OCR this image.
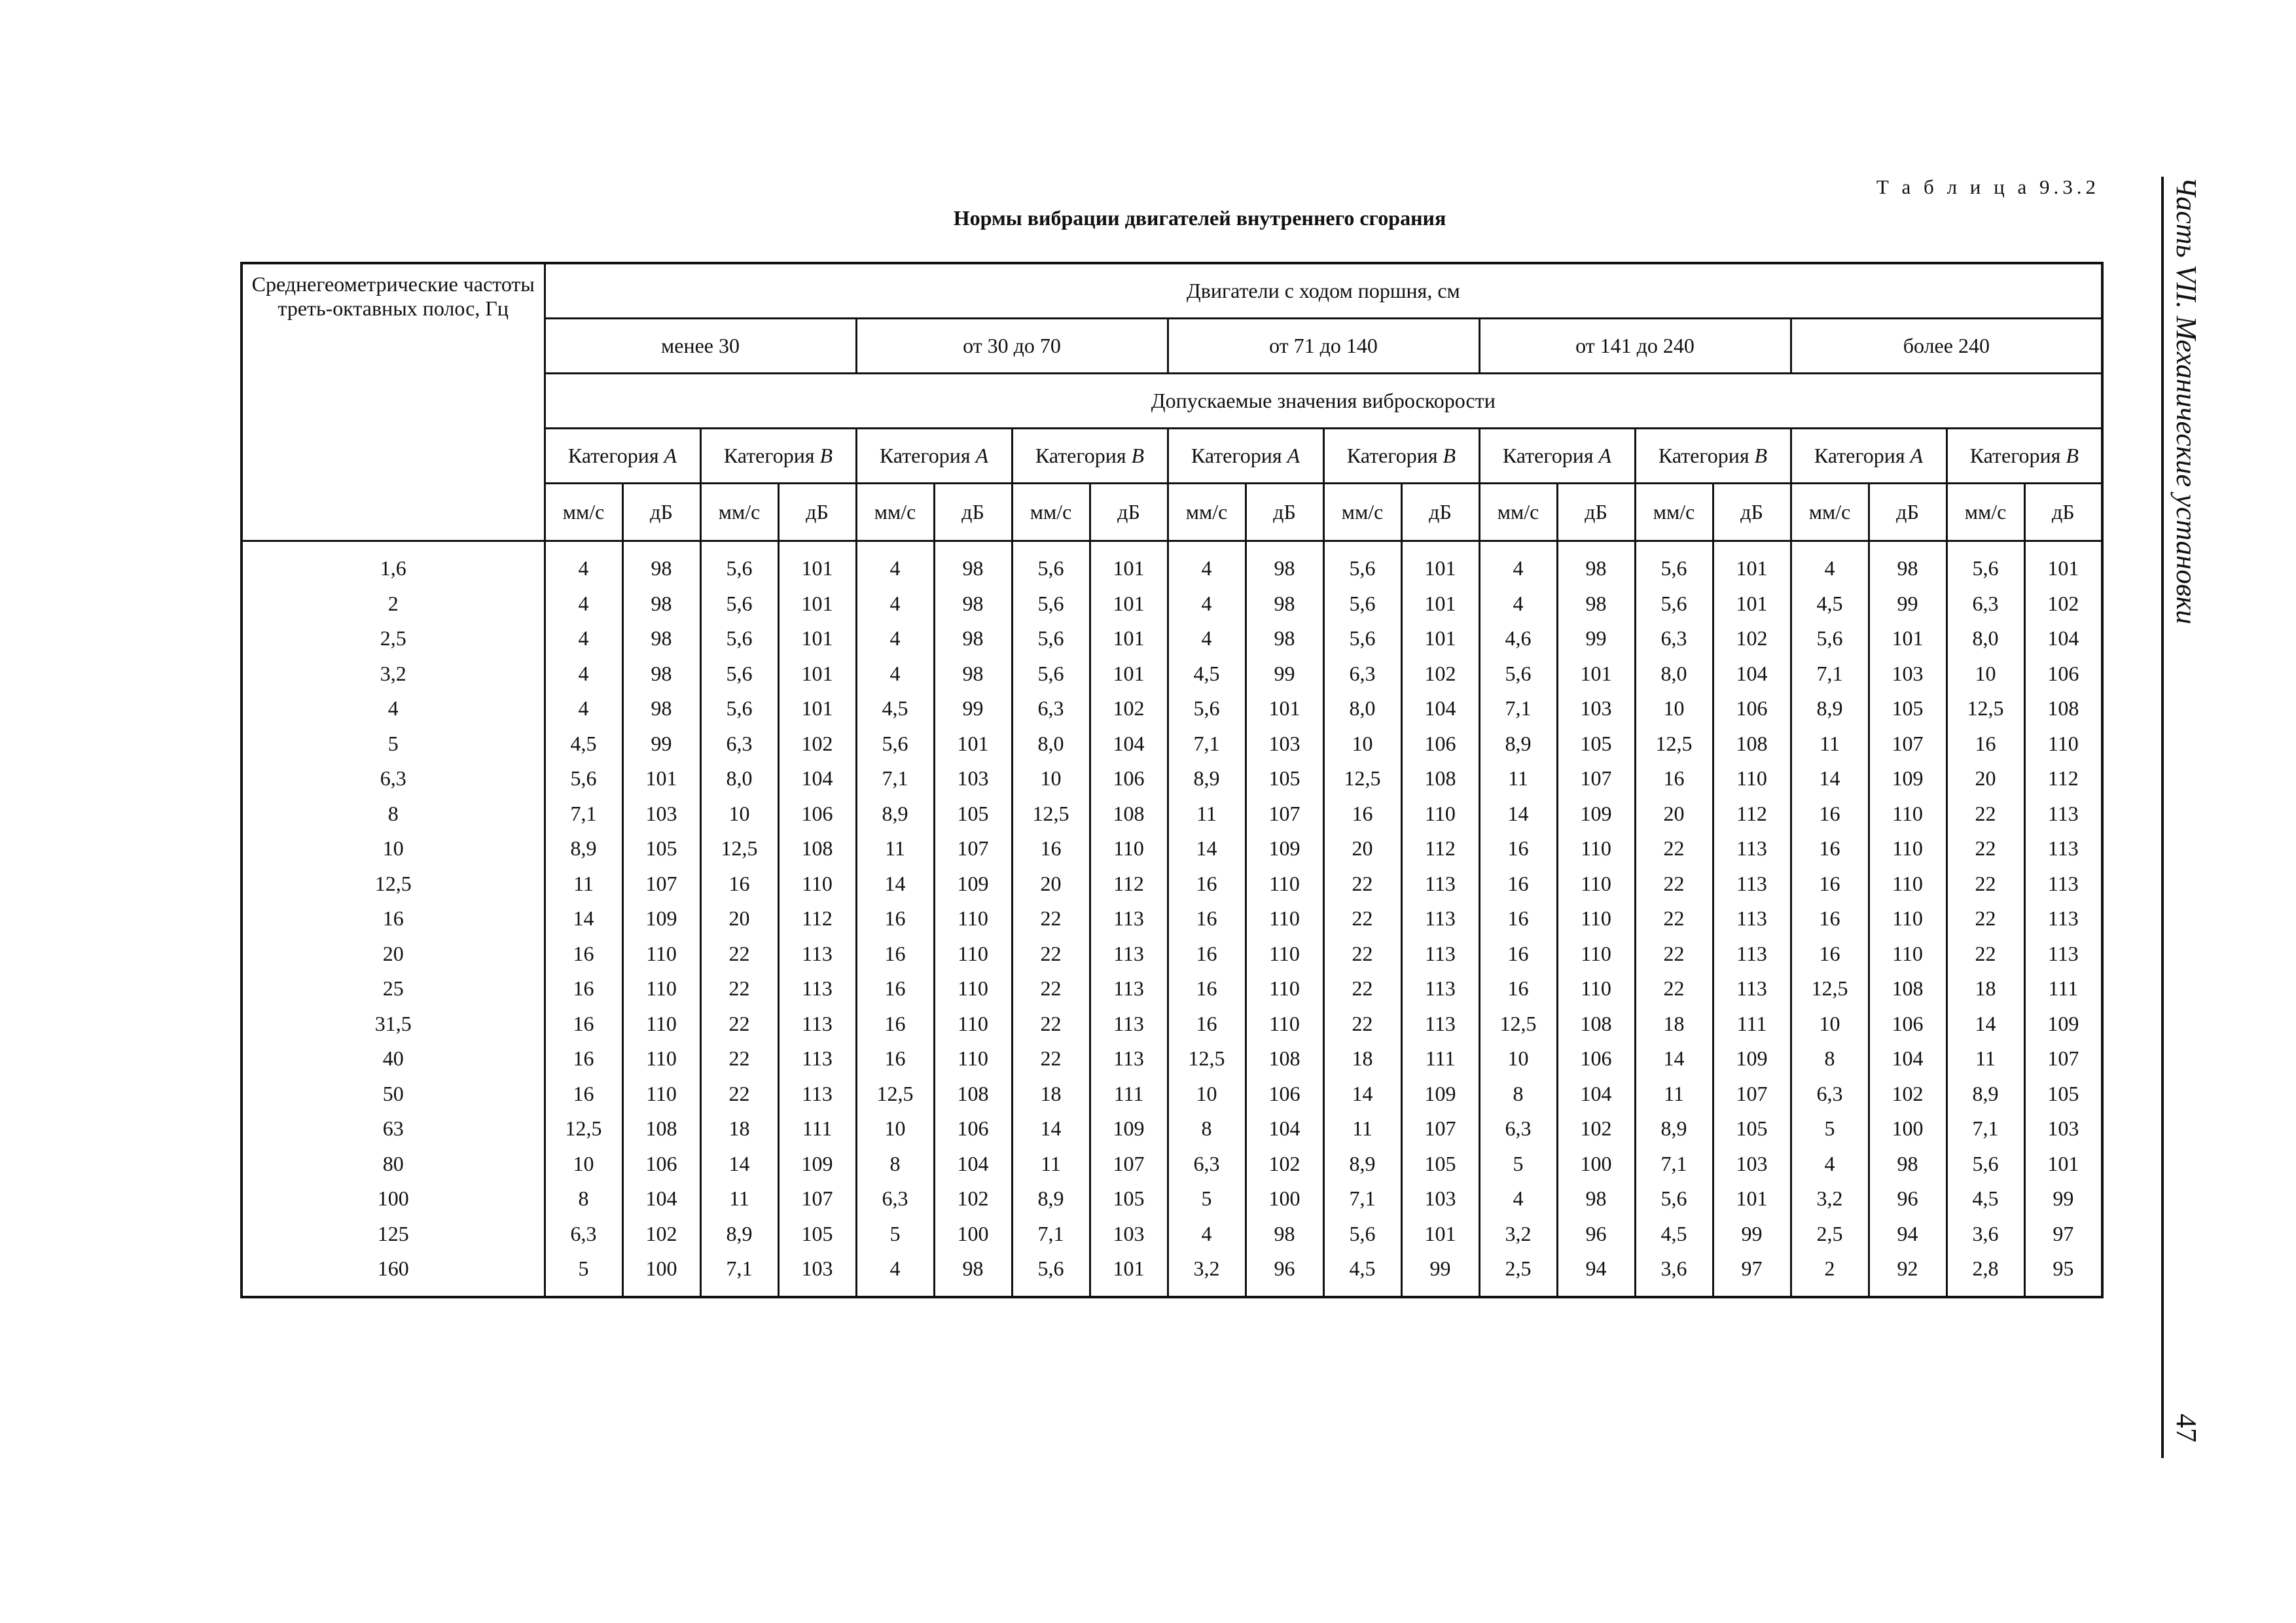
Т а б л и ц а 9.3.2
Нормы вибрации двигателей внутреннего сгорания
Среднегеометрические частоты треть-октавных полос, Гц	Двигатели с ходом поршня, см																			
	менее 30				от 30 до 70				от 71 до 140				от 141 до 240				более 240			
	Допускаемые значения виброскорости																			
	Категория A		Категория B		Категория A		Категория B		Категория A		Категория B		Категория A		Категория B		Категория A		Категория B	
	мм/с	дБ	мм/с	дБ	мм/с	дБ	мм/с	дБ	мм/с	дБ	мм/с	дБ	мм/с	дБ	мм/с	дБ	мм/с	дБ	мм/с	дБ
1,6	4	98	5,6	101	4	98	5,6	101	4	98	5,6	101	4	98	5,6	101	4	98	5,6	101
2	4	98	5,6	101	4	98	5,6	101	4	98	5,6	101	4	98	5,6	101	4,5	99	6,3	102
2,5	4	98	5,6	101	4	98	5,6	101	4	98	5,6	101	4,6	99	6,3	102	5,6	101	8,0	104
3,2	4	98	5,6	101	4	98	5,6	101	4,5	99	6,3	102	5,6	101	8,0	104	7,1	103	10	106
4	4	98	5,6	101	4,5	99	6,3	102	5,6	101	8,0	104	7,1	103	10	106	8,9	105	12,5	108
5	4,5	99	6,3	102	5,6	101	8,0	104	7,1	103	10	106	8,9	105	12,5	108	11	107	16	110
6,3	5,6	101	8,0	104	7,1	103	10	106	8,9	105	12,5	108	11	107	16	110	14	109	20	112
8	7,1	103	10	106	8,9	105	12,5	108	11	107	16	110	14	109	20	112	16	110	22	113
10	8,9	105	12,5	108	11	107	16	110	14	109	20	112	16	110	22	113	16	110	22	113
12,5	11	107	16	110	14	109	20	112	16	110	22	113	16	110	22	113	16	110	22	113
16	14	109	20	112	16	110	22	113	16	110	22	113	16	110	22	113	16	110	22	113
20	16	110	22	113	16	110	22	113	16	110	22	113	16	110	22	113	16	110	22	113
25	16	110	22	113	16	110	22	113	16	110	22	113	16	110	22	113	12,5	108	18	111
31,5	16	110	22	113	16	110	22	113	16	110	22	113	12,5	108	18	111	10	106	14	109
40	16	110	22	113	16	110	22	113	12,5	108	18	111	10	106	14	109	8	104	11	107
50	16	110	22	113	12,5	108	18	111	10	106	14	109	8	104	11	107	6,3	102	8,9	105
63	12,5	108	18	111	10	106	14	109	8	104	11	107	6,3	102	8,9	105	5	100	7,1	103
80	10	106	14	109	8	104	11	107	6,3	102	8,9	105	5	100	7,1	103	4	98	5,6	101
100	8	104	11	107	6,3	102	8,9	105	5	100	7,1	103	4	98	5,6	101	3,2	96	4,5	99
125	6,3	102	8,9	105	5	100	7,1	103	4	98	5,6	101	3,2	96	4,5	99	2,5	94	3,6	97
160	5	100	7,1	103	4	98	5,6	101	3,2	96	4,5	99	2,5	94	3,6	97	2	92	2,8	95
Часть VII. Механические установки
47
